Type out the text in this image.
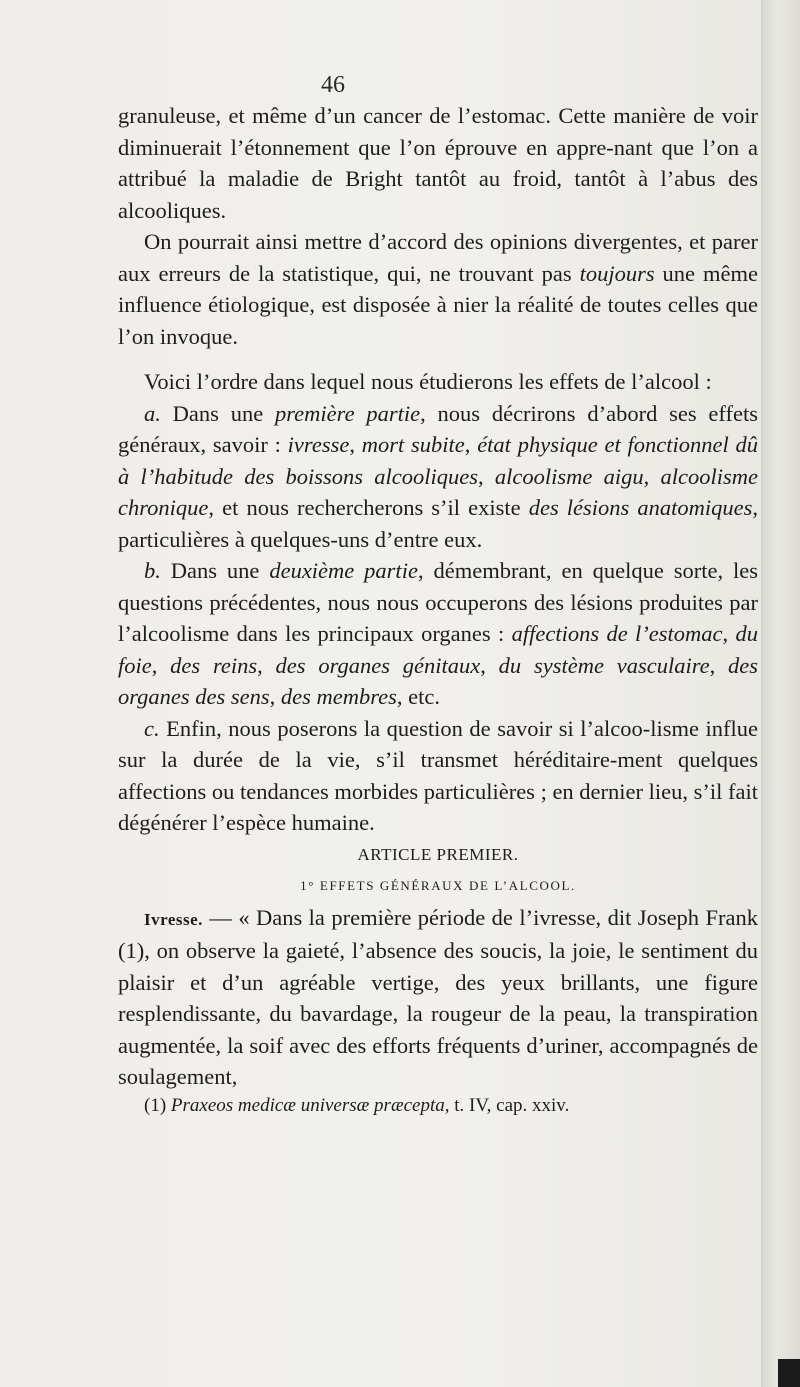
46

granuleuse, et même d’un cancer de l’estomac. Cette manière de voir diminuerait l’étonnement que l’on éprouve en appre-nant que l’on a attribué la maladie de Bright tantôt au froid, tantôt à l’abus des alcooliques.

On pourrait ainsi mettre d’accord des opinions divergentes, et parer aux erreurs de la statistique, qui, ne trouvant pas toujours une même influence étiologique, est disposée à nier la réalité de toutes celles que l’on invoque.

Voici l’ordre dans lequel nous étudierons les effets de l’alcool :

a. Dans une première partie, nous décrirons d’abord ses effets généraux, savoir : ivresse, mort subite, état physique et fonctionnel dû à l’habitude des boissons alcooliques, alcoolisme aigu, alcoolisme chronique, et nous rechercherons s’il existe des lésions anatomiques, particulières à quelques-uns d’entre eux.

b. Dans une deuxième partie, démembrant, en quelque sorte, les questions précédentes, nous nous occuperons des lésions produites par l’alcoolisme dans les principaux organes : affections de l’estomac, du foie, des reins, des organes génitaux, du système vasculaire, des organes des sens, des membres, etc.

c. Enfin, nous poserons la question de savoir si l’alcoo-lisme influe sur la durée de la vie, s’il transmet héréditaire-ment quelques affections ou tendances morbides particulières ; en dernier lieu, s’il fait dégénérer l’espèce humaine.

ARTICLE PREMIER.

1° EFFETS GÉNÉRAUX DE L’ALCOOL.

Ivresse. — « Dans la première période de l’ivresse, dit Joseph Frank (1), on observe la gaieté, l’absence des soucis, la joie, le sentiment du plaisir et d’un agréable vertige, des yeux brillants, une figure resplendissante, du bavardage, la rougeur de la peau, la transpiration augmentée, la soif avec des efforts fréquents d’uriner, accompagnés de soulagement,

(1) Praxeos medicæ universæ præcepta, t. IV, cap. xxiv.
